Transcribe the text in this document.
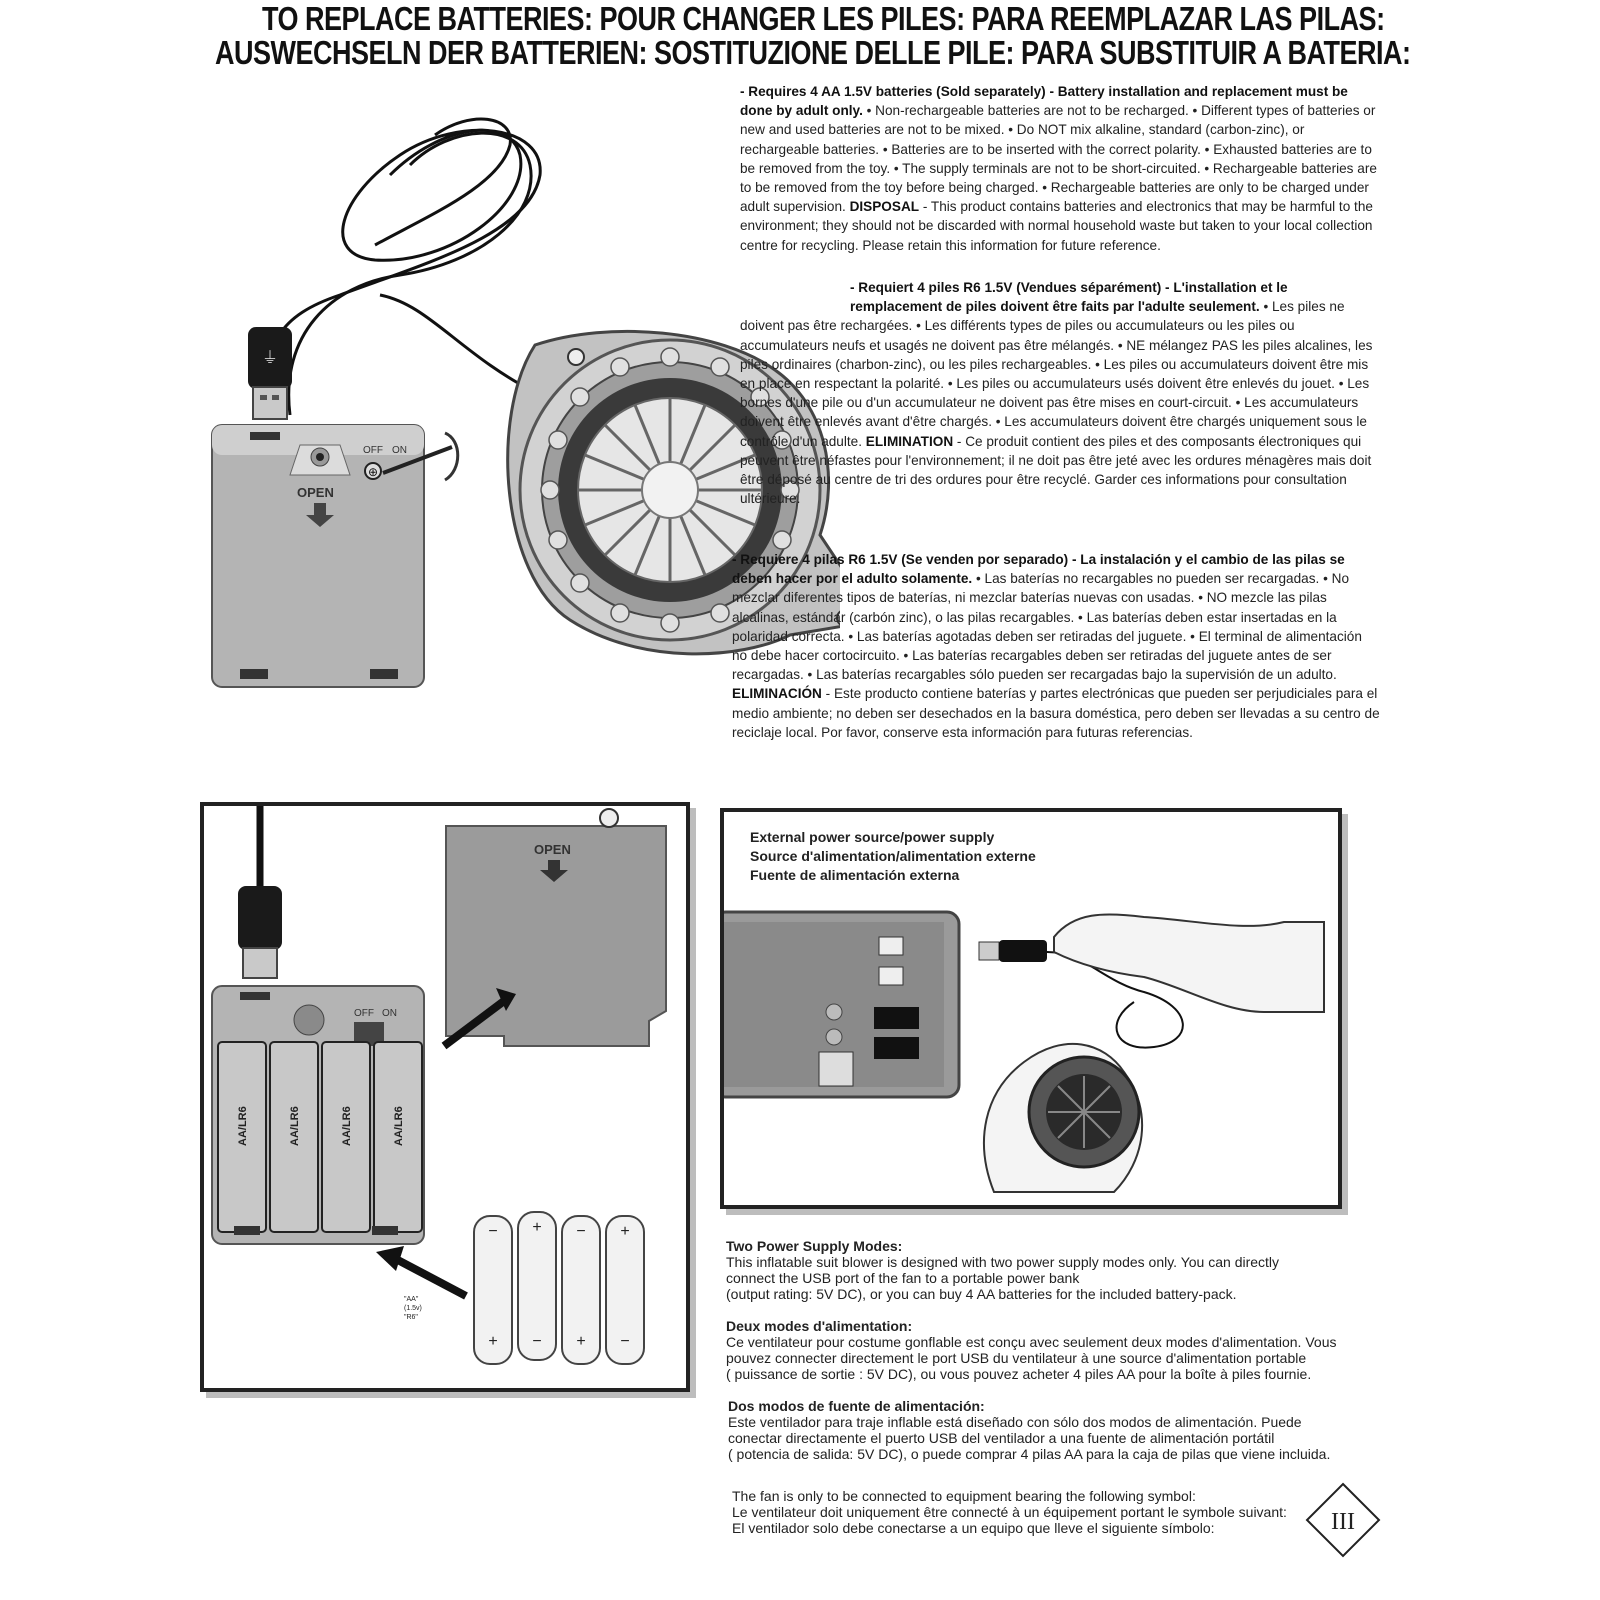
TO REPLACE BATTERIES: POUR CHANGER LES PILES: PARA REEMPLAZAR LAS PILAS:
AUSWECHSELN DER BATTERIEN: SOSTITUZIONE DELLE PILE: PARA SUBSTITUIR A BATERIA:
⏚
OFF ON
⊕
OPEN
- Requires 4 AA 1.5V batteries (Sold separately) - Battery installation and replacement must be done by adult only. • Non-rechargeable batteries are not to be recharged. • Different types of batteries or new and used batteries are not to be mixed. • Do NOT mix alkaline, standard (carbon-zinc), or rechargeable batteries. • Batteries are to be inserted with the correct polarity. • Exhausted batteries are to be removed from the toy. • The supply terminals are not to be short-circuited. • Rechargeable batteries are to be removed from the toy before being charged. • Rechargeable batteries are only to be charged under adult supervision. DISPOSAL - This product contains batteries and electronics that may be harmful to the environment; they should not be discarded with normal household waste but taken to your local collection centre for recycling. Please retain this information for future reference.
- Requiert 4 piles R6 1.5V (Vendues séparément) - L'installation et le remplacement de piles doivent être faits par l'adulte seulement. • Les piles ne doivent pas être rechargées. • Les différents types de piles ou accumulateurs ou les piles ou accumulateurs neufs et usagés ne doivent pas être mélangés. • NE mélangez PAS les piles alcalines, les piles ordinaires (charbon-zinc), ou les piles rechargeables. • Les piles ou accumulateurs doivent être mis en place en respectant la polarité. • Les piles ou accumulateurs usés doivent être enlevés du jouet. • Les bornes d'une pile ou d'un accumulateur ne doivent pas être mises en court-circuit. • Les accumulateurs doivent être enlevés avant d'être chargés. • Les accumulateurs doivent être chargés uniquement sous le contrôle d'un adulte. ELIMINATION - Ce produit contient des piles et des composants électroniques qui peuvent être néfastes pour l'environnement; il ne doit pas être jeté avec les ordures ménagères mais doit être déposé au centre de tri des ordures pour être recyclé. Garder ces informations pour consultation ultérieure.
- Requiere 4 pilas R6 1.5V (Se venden por separado) - La instalación y el cambio de las pilas se deben hacer por el adulto solamente. • Las baterías no recargables no pueden ser recargadas. • No mezclar diferentes tipos de baterías, ni mezclar baterías nuevas con usadas. • NO mezcle las pilas alcalinas, estándar (carbón zinc), o las pilas recargables. • Las baterías deben estar insertadas en la polaridad correcta. • Las baterías agotadas deben ser retiradas del juguete. • El terminal de alimentación no debe hacer cortocircuito. • Las baterías recargables deben ser retiradas del juguete antes de ser recargadas. • Las baterías recargables sólo pueden ser recargadas bajo la supervisión de un adulto. ELIMINACIÓN - Este producto contiene baterías y partes electrónicas que pueden ser perjudiciales para el medio ambiente; no deben ser desechados en la basura doméstica, pero deben ser llevadas a su centro de reciclaje local. Por favor, conserve esta información para futuras referencias.
OFF ON
AA/LR6	AA/LR6	AA/LR6	AA/LR6
OPEN
"AA"
(1.5v)
"R6"
−
+
+
−
−
+
+
−
External power source/power supply
Source d'alimentation/alimentation externe
Fuente de alimentación externa
Two Power Supply Modes:
This inflatable suit blower is designed with two power supply modes only. You can directly
connect the USB port of the fan to a portable power bank
(output rating: 5V DC), or you can buy 4 AA batteries for the included battery-pack.
Deux modes d'alimentation:
Ce ventilateur pour costume gonflable est conçu avec seulement deux modes d'alimentation. Vous
pouvez connecter directement le port USB du ventilateur à une source d'alimentation portable
( puissance de sortie : 5V DC), ou vous pouvez acheter 4 piles AA pour la boîte à piles fournie.
Dos modos de fuente de alimentación:
Este ventilador para traje inflable está diseñado con sólo dos modos de alimentación. Puede
conectar directamente el puerto USB del ventilador a una fuente de alimentación portátil
( potencia de salida: 5V DC), o puede comprar 4 pilas AA para la caja de pilas que viene incluida.
The fan is only to be connected to equipment bearing the following symbol:
Le ventilateur doit uniquement être connecté à un équipement portant le symbole suivant:
El ventilador solo debe conectarse a un equipo que lleve el siguiente símbolo:	III
